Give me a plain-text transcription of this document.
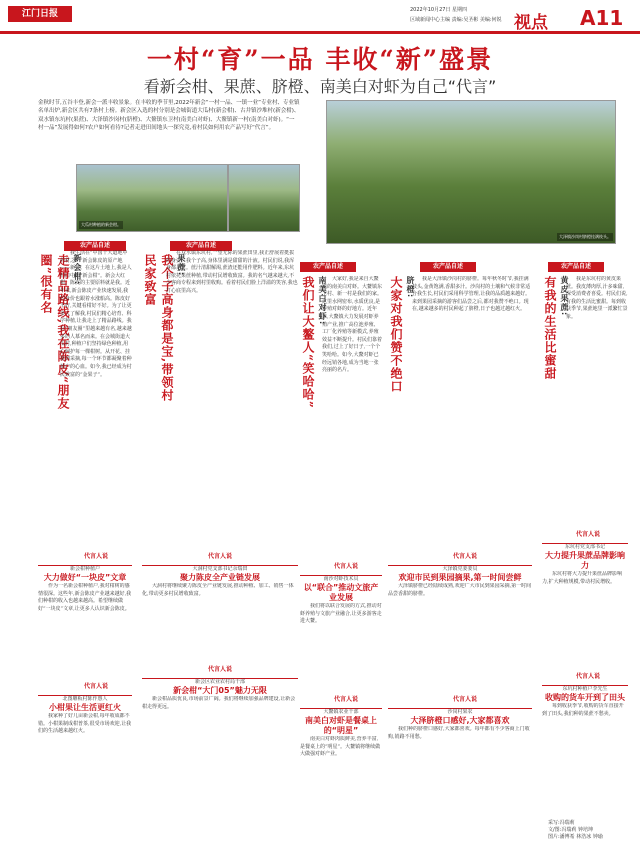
江门日报	2022年10月27日 星期四
区域新闻中心主编 责编:吴圣彬 美编:何锐 视点 A11
一村“育”一品 丰收“新”盛景
看新会柑、果蔗、脐橙、南美白对虾为自己“代言”
金秋时节,五谷丰登,新会一派丰收景象。在丰收的季节里,2022年新会“一村一品、一镇一业”专业村、专业镇名单出炉,新会区共有7条村上榜。新会区入选的村分别是会城街道大瓜村(新会柑)、古井镇沙堆村(新会柑)、双水镇东坑村(果蔗)、大泽镇沙岗村(脐橙)、大鳌镇东卫村(南美白对虾)、大鳌镇新一村(南美白对虾)。“一村一品”发展得如何?农户如何看待?记者走进田间地头一探究竟,看村民如何用农产品写好“代言”。
大瓜村种植的新会柑。
大泽镇沙岗村脐橙挂满枝头。
农产品自述
新会柑:
走精品路线,我在陈皮“朋友圈”很有名
我生活在“中国十大道地中药材之一”新会陈皮的原产地——新会。在这片土地上,我是人们口中的“新会柑”。新会大红柑、陈皮的主要原料就是我。近年来,新会陈皮产业快速发展,我的身价也跟着水涨船高。陈皮好不好,关键看柑好不好。为了让更多人了解我,村民们精心培育、科学种植,让我走上了精品路线。我在“朋友圈”里越来越有名,越来越多的人慕名而来。在会城街道大瓜村,种植户们坚持绿色种植,用心呵护每一棵柑树。从开花、挂果到采摘,每一个环节都凝聚着种植户的心血。如今,我已经成为村民致富的“金果子”。
代言人说
新会柑种植户
大力做好“一块皮”文章
作为一名新会柑种植户,我对柑树的感情很深。这些年,新会陈皮产业越来越好,我们种柑的收入也越来越高。希望继续做好“一块皮”文章,让更多人认识新会陈皮。
代言人说
北图雕板村陈作惠人
小柑果让生活更红火
我家种了好几亩新会柑,每年收成都不错。小柑果制成柑普茶,很受市场欢迎,让我们的生活越来越红火。
农产品自述
果蔗:
我个子高身都是宝,带领村民家致富
在双水镇东坑村,一望无际的果蔗田里,我正舒展着挺拔的身姿。我个子高,身体里满是甜甜的汁液。村民们说,我浑身都是宝。蔗汁清甜解渴,蔗渣还能用作肥料。近年来,东坑村依托果蔗种植,带动村民增收致富。我的名气越来越大,不少客商专程来到村里收购。看着村民们脸上洋溢的笑容,我也打心底里高兴。
代言人说
大洞村党支部书记余瑞田
聚力陈皮全产业链发展
大洞村将继续聚力陈皮全产业链发展,推动种植、加工、销售一体化,带动更多村民增收致富。
代言人说
新会区农业农村局干部
新会柑“大门05”魅力无限
新会柑品质优良,市场前景广阔。我们将继续加强品牌建设,让新会柑走得更远。
农产品自述
南美白对虾:
我们让大鳌人“笑哈哈”	大家好,我是来自大鳌镇的南美白对虾。大鳌镇东卫村、新一村是我们的家。这里水网密布,水质优良,是养殖对虾的好地方。近年来,大鳌镇大力发展对虾养殖产业,推广高位池养殖、工厂化养殖等新模式,养殖效益不断提升。村民们靠着我们,过上了好日子,一个个笑哈哈。如今,大鳌对虾已经远销各地,成为当地一张亮丽的名片。
代言人说
南沙对虾技术员
以“联合”推动文旅产业发展
我们将以联合发展的方式,推动对虾养殖与文旅产业融合,让更多游客走进大鳌。
代言人说
大鳌镇农业干部
南美白对虾是餐桌上的“明星”
南美白对虾肉质鲜美,营养丰富,是餐桌上的“明星”。大鳌镇将继续做大做强对虾产业。
农产品自述
脐橙:
大家对我们赞不绝口	我是大泽镇沙岗村的脐橙。每年秋冬时节,我挂满枝头,金黄饱满,香甜多汁。沙岗村的土壤和气候非常适合我生长,村民们采用科学管理,让我的品质越来越好。来到果园采摘的游客们品尝之后,都对我赞不绝口。现在,越来越多的村民种起了脐橙,日子也越过越红火。
代言人说
大泽镇党委委员
欢迎市民到果园摘果,第一时间尝鲜
大泽镇脐橙已经陆续成熟,欢迎广大市民到果园采摘,第一时间品尝香甜的脐橙。
代言人说
沙岗村果农
大泽脐橙口感好,大家都喜欢
我们种的脐橙口感好,大家都喜欢。每年都有不少客商上门收购,销路不用愁。
农产品自述
黄皮果蔗:
有我的生活比蜜甜	我是东坑村的黄皮果蔗。我皮薄肉厚,汁多味甜,深受消费者喜爱。村民们说,有我的生活比蜜甜。每到收获季节,果蔗地里一派繁忙景象。
代言人说
东坑村党支部书记
大力提升果蔗品牌影响力
东坑村将大力提升果蔗品牌影响力,扩大种植规模,带动村民增收。
代言人说
东坑村种植户李先生
收购的货车开到了田头
每到收获季节,收购的货车直接开到了田头,我们种的果蔗不愁卖。
采写:冯瑞莉
文/图:冯瑞莉 钟培坤
图片:潘博希 林浩冰 钟瑜
